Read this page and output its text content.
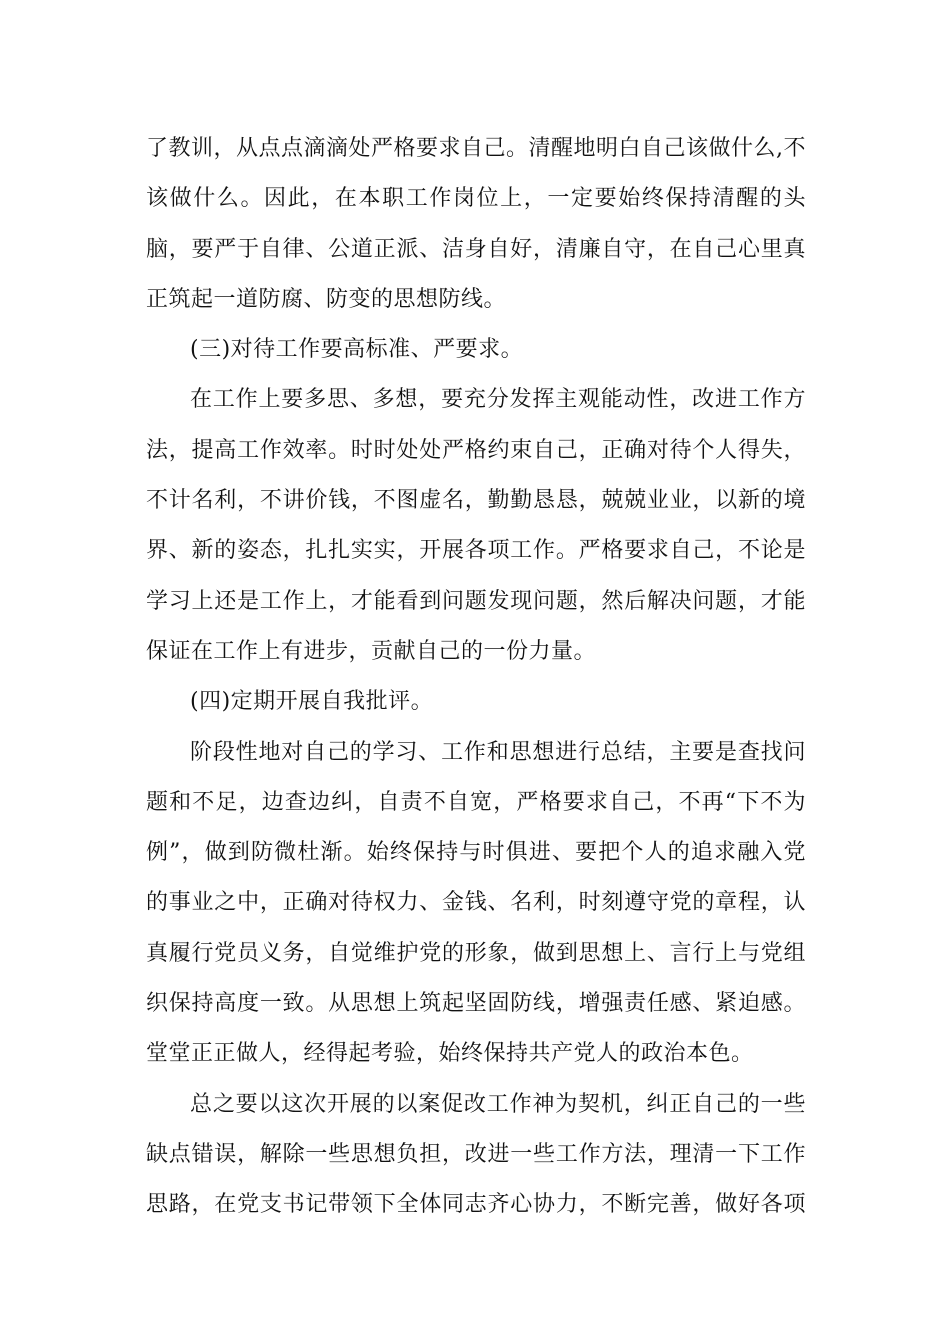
了教训，从点点滴滴处严格要求自己。清醒地明白自己该做什么,不
该做什么。因此，在本职工作岗位上，一定要始终保持清醒的头
脑，要严于自律、公道正派、洁身自好，清廉自守，在自己心里真
正筑起一道防腐、防变的思想防线。
(三)对待工作要高标准、严要求。
在工作上要多思、多想，要充分发挥主观能动性，改进工作方
法，提高工作效率。时时处处严格约束自己，正确对待个人得失，
不计名利，不讲价钱，不图虚名，勤勤恳恳，兢兢业业，以新的境
界、新的姿态，扎扎实实，开展各项工作。严格要求自己，不论是
学习上还是工作上，才能看到问题发现问题，然后解决问题，才能
保证在工作上有进步，贡献自己的一份力量。
(四)定期开展自我批评。
阶段性地对自己的学习、工作和思想进行总结，主要是查找问
题和不足，边查边纠，自责不自宽，严格要求自己，不再“下不为
例”，做到防微杜渐。始终保持与时俱进、要把个人的追求融入党
的事业之中，正确对待权力、金钱、名利，时刻遵守党的章程，认
真履行党员义务，自觉维护党的形象，做到思想上、言行上与党组
织保持高度一致。从思想上筑起坚固防线，增强责任感、紧迫感。
堂堂正正做人，经得起考验，始终保持共产党人的政治本色。
总之要以这次开展的以案促改工作神为契机，纠正自己的一些
缺点错误，解除一些思想负担，改进一些工作方法，理清一下工作
思路，在党支书记带领下全体同志齐心协力，不断完善，做好各项
